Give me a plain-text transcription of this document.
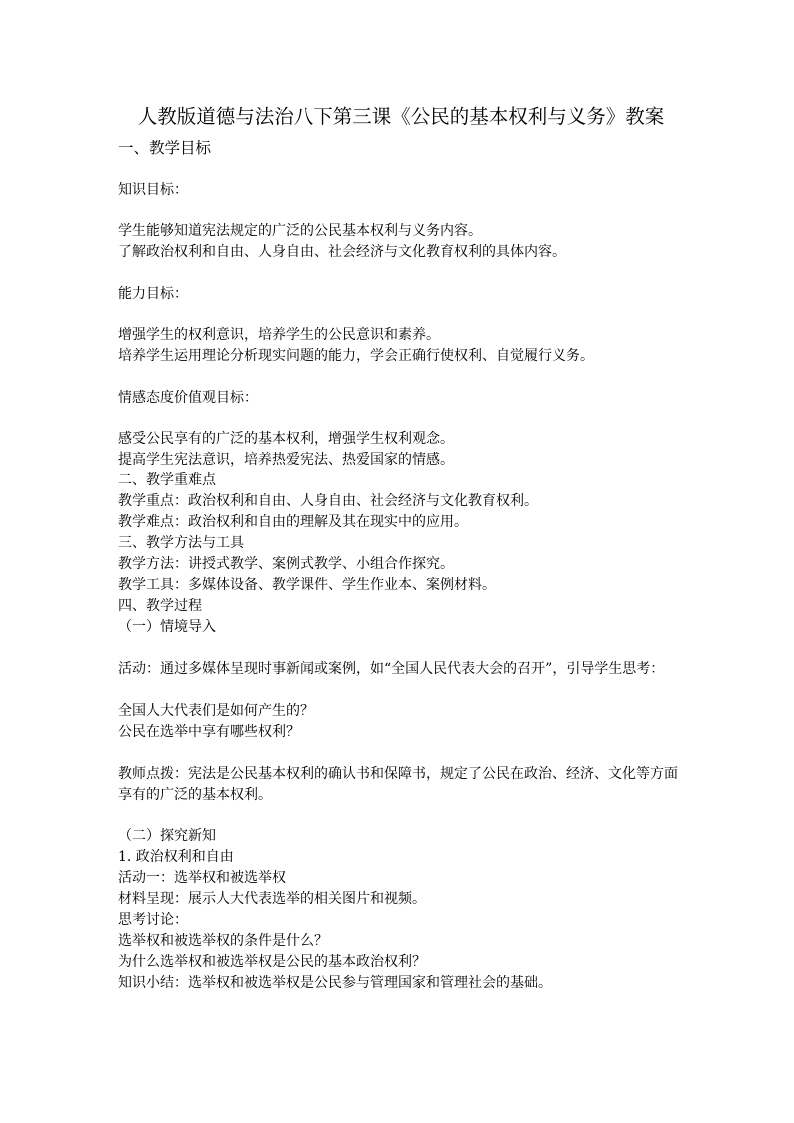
人教版道德与法治八下第三课《公民的基本权利与义务》教案
一、教学目标
知识目标：
学生能够知道宪法规定的广泛的公民基本权利与义务内容。
了解政治权利和自由、人身自由、社会经济与文化教育权利的具体内容。
能力目标：
增强学生的权利意识，培养学生的公民意识和素养。
培养学生运用理论分析现实问题的能力，学会正确行使权利、自觉履行义务。
情感态度价值观目标：
感受公民享有的广泛的基本权利，增强学生权利观念。
提高学生宪法意识，培养热爱宪法、热爱国家的情感。
二、教学重难点
教学重点：政治权利和自由、人身自由、社会经济与文化教育权利。
教学难点：政治权利和自由的理解及其在现实中的应用。
三、教学方法与工具
教学方法：讲授式教学、案例式教学、小组合作探究。
教学工具：多媒体设备、教学课件、学生作业本、案例材料。
四、教学过程
（一）情境导入
活动：通过多媒体呈现时事新闻或案例，如“全国人民代表大会的召开”，引导学生思考：
全国人大代表们是如何产生的？
公民在选举中享有哪些权利？
教师点拨：宪法是公民基本权利的确认书和保障书，规定了公民在政治、经济、文化等方面
享有的广泛的基本权利。
（二）探究新知
1. 政治权利和自由
活动一：选举权和被选举权
材料呈现：展示人大代表选举的相关图片和视频。
思考讨论：
选举权和被选举权的条件是什么？
为什么选举权和被选举权是公民的基本政治权利？
知识小结：选举权和被选举权是公民参与管理国家和管理社会的基础。
